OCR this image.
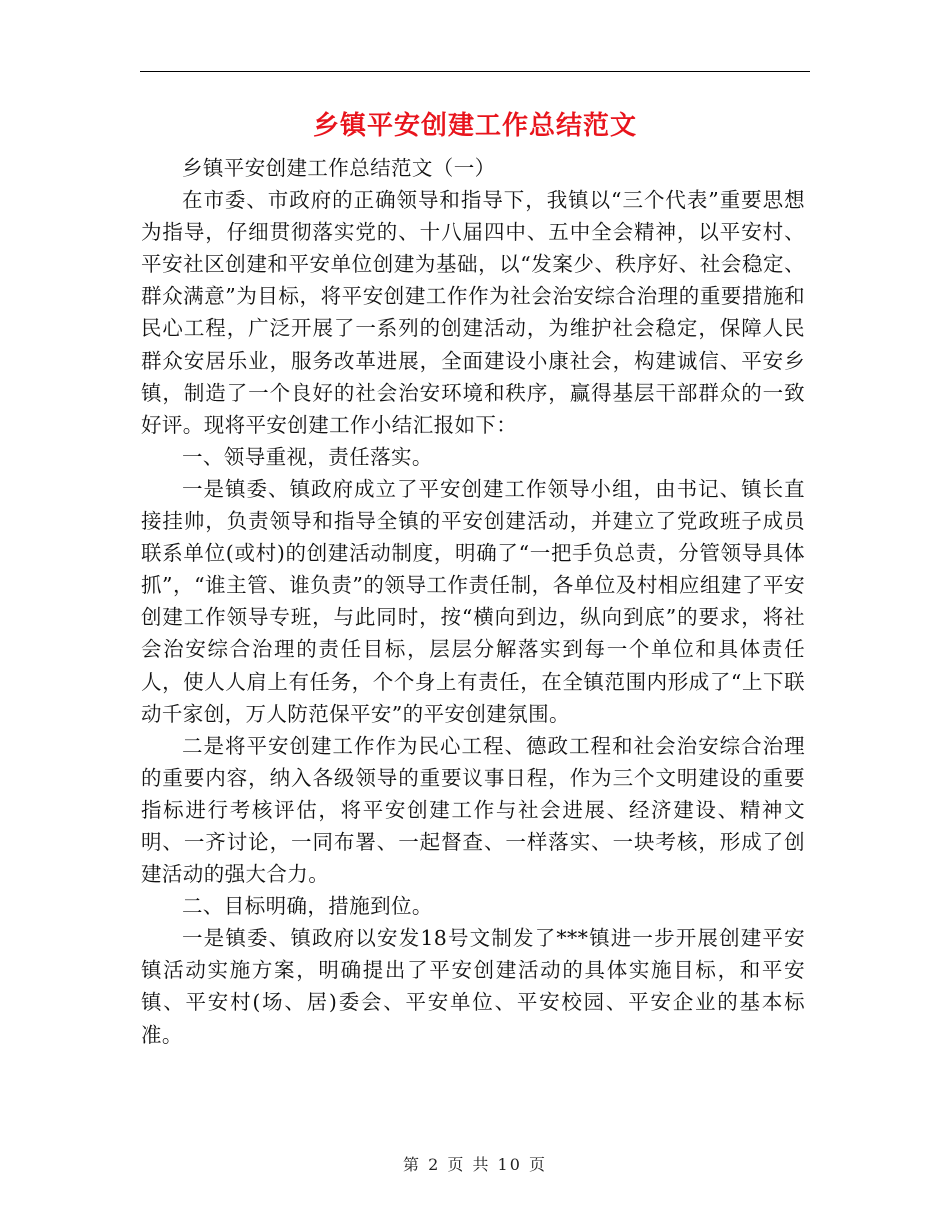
乡镇平安创建工作总结范文

乡镇平安创建工作总结范文（一）

在市委、市政府的正确领导和指导下，我镇以“三个代表”重要思想为指导，仔细贯彻落实党的、十八届四中、五中全会精神，以平安村、平安社区创建和平安单位创建为基础，以“发案少、秩序好、社会稳定、群众满意”为目标，将平安创建工作作为社会治安综合治理的重要措施和民心工程，广泛开展了一系列的创建活动，为维护社会稳定，保障人民群众安居乐业，服务改革进展，全面建设小康社会，构建诚信、平安乡镇，制造了一个良好的社会治安环境和秩序，赢得基层干部群众的一致好评。现将平安创建工作小结汇报如下：

一、领导重视，责任落实。

一是镇委、镇政府成立了平安创建工作领导小组，由书记、镇长直接挂帅，负责领导和指导全镇的平安创建活动，并建立了党政班子成员联系单位(或村)的创建活动制度，明确了“一把手负总责，分管领导具体抓”，“谁主管、谁负责”的领导工作责任制，各单位及村相应组建了平安创建工作领导专班，与此同时，按“横向到边，纵向到底”的要求，将社会治安综合治理的责任目标，层层分解落实到每一个单位和具体责任人，使人人肩上有任务，个个身上有责任，在全镇范围内形成了“上下联动千家创，万人防范保平安”的平安创建氛围。

二是将平安创建工作作为民心工程、德政工程和社会治安综合治理的重要内容，纳入各级领导的重要议事日程，作为三个文明建设的重要指标进行考核评估，将平安创建工作与社会进展、经济建设、精神文明、一齐讨论，一同布署、一起督查、一样落实、一块考核，形成了创建活动的强大合力。

二、目标明确，措施到位。

一是镇委、镇政府以安发18号文制发了***镇进一步开展创建平安镇活动实施方案，明确提出了平安创建活动的具体实施目标，和平安镇、平安村(场、居)委会、平安单位、平安校园、平安企业的基本标准。

第 2 页 共 10 页
